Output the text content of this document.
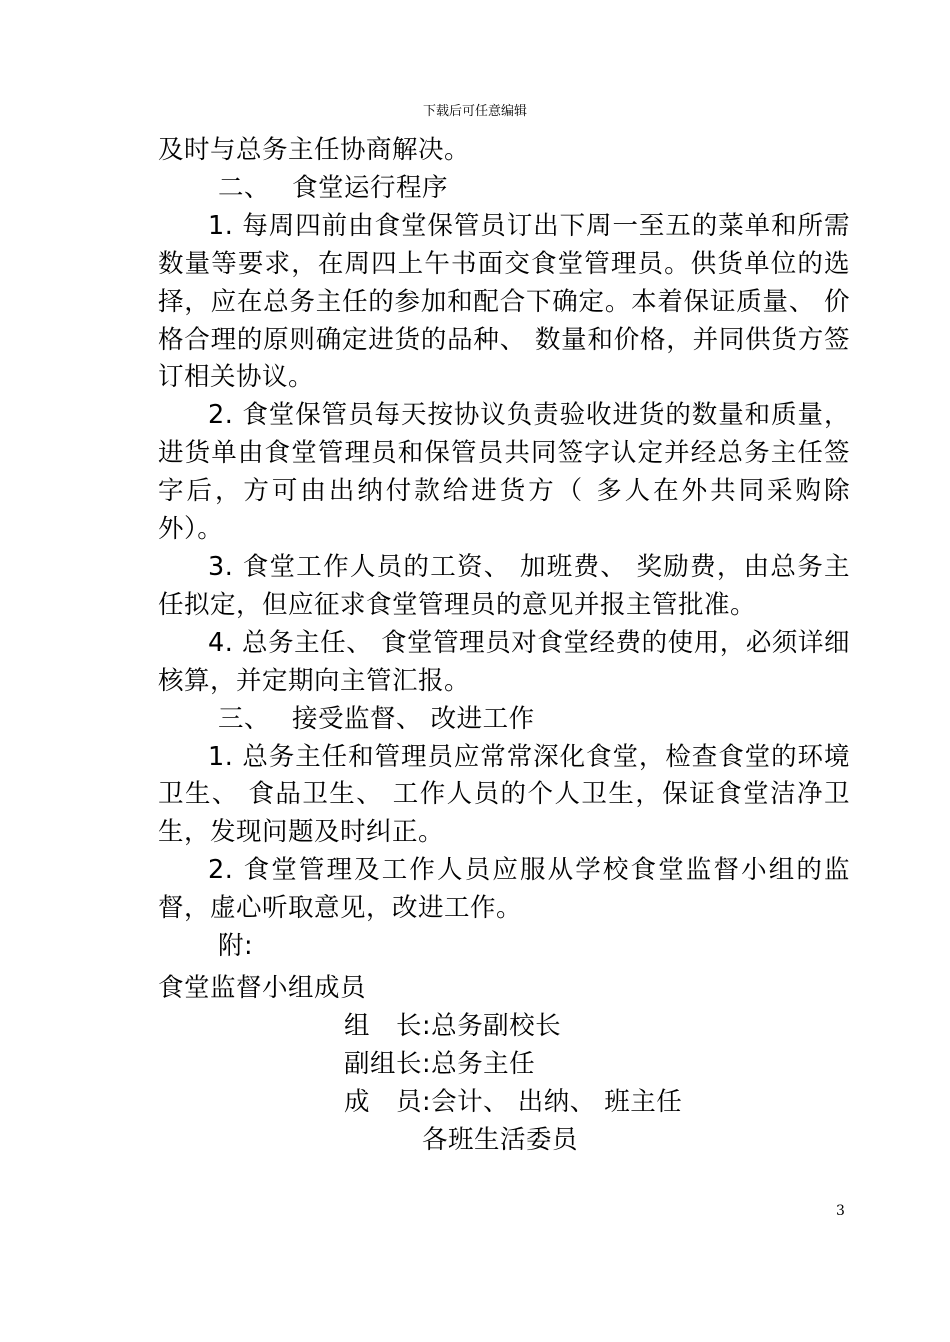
下载后可任意编辑

及时与总务主任协商解决。

二、 食堂运行程序

1. 每周四前由食堂保管员订出下周一至五的菜单和所需数量等要求，在周四上午书面交食堂管理员。供货单位的选择，应在总务主任的参加和配合下确定。本着保证质量、 价格合理的原则确定进货的品种、 数量和价格，并同供货方签订相关协议。

2. 食堂保管员每天按协议负责验收进货的数量和质量，进货单由食堂管理员和保管员共同签字认定并经总务主任签字后，方可由出纳付款给进货方（ 多人在外共同采购除外）。

3. 食堂工作人员的工资、 加班费、 奖励费，由总务主任拟定，但应征求食堂管理员的意见并报主管批准。

4. 总务主任、 食堂管理员对食堂经费的使用，必须详细核算，并定期向主管汇报。

三、 接受监督、 改进工作

1. 总务主任和管理员应常常深化食堂，检查食堂的环境卫生、 食品卫生、 工作人员的个人卫生，保证食堂洁净卫生，发现问题及时纠正。

2. 食堂管理及工作人员应服从学校食堂监督小组的监督，虚心听取意见，改进工作。

附:

食堂监督小组成员

组　长:总务副校长

副组长:总务主任

成　员:会计、 出纳、 班主任

各班生活委员

3
